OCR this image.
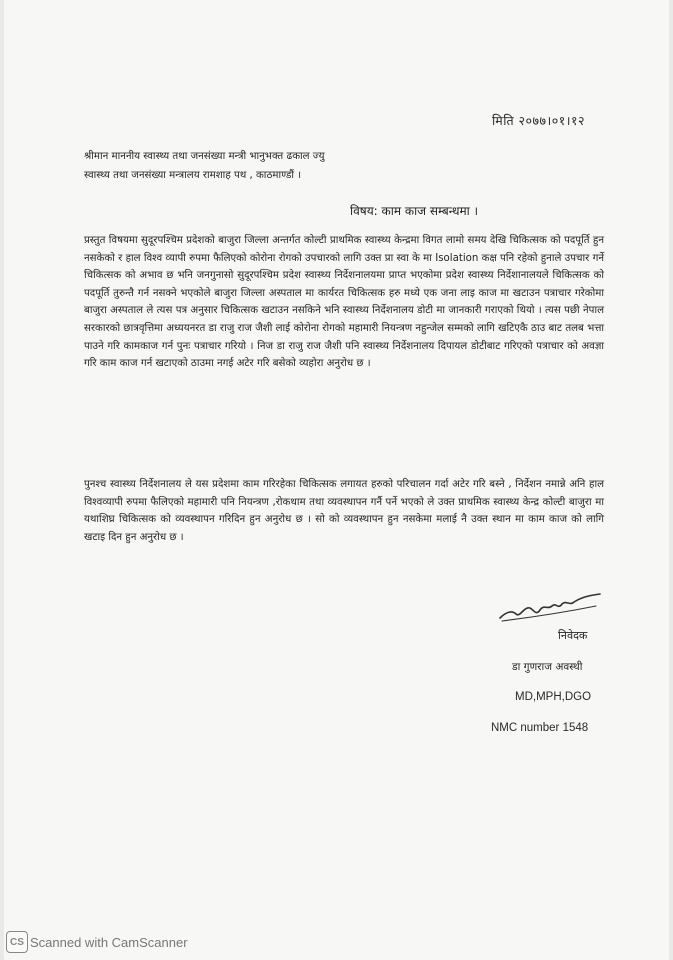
मिति २०७७।०१।१२
श्रीमान माननीय स्वास्थ्य तथा जनसंख्या मन्त्री भानुभक्त ढकाल ज्यु
स्वास्थ्य तथा जनसंख्या मन्त्रालय रामशाह पथ , काठमाण्डौं ।
विषय: काम काज सम्बन्धमा ।
प्रस्तुत विषयमा सुदूरपश्चिम प्रदेशको बाजुरा जिल्ला अन्तर्गत कोल्टी प्राथमिक स्वास्थ्य केन्द्रमा विगत लामो समय देखि चिकित्सक को पदपूर्ति हुन नसकेको र हाल विश्व व्यापी रुपमा फैलिएको कोरोना रोगको उपचारको लागि उक्त प्रा स्वा के मा Isolation कक्ष पनि रहेको हुनाले उपचार गर्ने चिकित्सक को अभाव छ भनि जनगुनासो सुदूरपश्चिम प्रदेश स्वास्थ्य निर्देशनालयमा प्राप्त भएकोमा प्रदेश स्वास्थ्य निर्देशानालयले चिकित्सक को पदपूर्ति तुरुन्तै गर्न नसक्ने भएकोले बाजुरा जिल्ला अस्पताल मा कार्यरत चिकित्सक हरु मध्ये एक जना लाइ काज मा खटाउन पत्राचार गरेकोमा बाजुरा अस्पताल ले त्यस पत्र अनुसार चिकित्सक खटाउन नसकिने भनि स्वास्थ्य निर्देशनालय डोटी मा जानकारी गराएको थियो । त्यस पछी नेपाल सरकारको छात्रवृत्तिमा अध्ययनरत डा राजु राज जैशी लाई कोरोना रोगको महामारी नियन्त्रण नहुन्जेल सम्मको लागि खटिएकै ठाउ बाट तलब भत्ता पाउने गरि कामकाज गर्न पुनः पत्राचार गरियो । निज डा राजु राज जैशी पनि स्वास्थ्य निर्देशनालय दिपायल डोटीबाट गरिएको पत्राचार को अवज्ञा गरि काम काज गर्न खटाएको ठाउमा नगई अटेर गरि बसेको व्यहोरा अनुरोध छ ।
पुनश्च स्वास्थ्य निर्देशनालय ले यस प्रदेशमा काम गरिरहेका चिकित्सक लगायत हरुको परिचालन गर्दा अटेर गरि बस्ने , निर्देशन नमान्ने अनि हाल विश्वव्यापी रुपमा फैलिएको महामारी पनि नियन्त्रण ,रोकथाम तथा व्यवस्थापन गर्नै पर्ने भएको ले उक्त प्राथमिक स्वास्थ्य केन्द्र कोल्टी बाजुरा मा यथाशिघ्र चिकित्सक को व्यवस्थापन गरिदिन हुन अनुरोध छ । सो को व्यवस्थापन हुन नसकेमा मलाई नै उक्त स्थान मा काम काज को लागि खटाइ दिन हुन अनुरोध छ ।
निवेदक
डा गुणराज अवस्थी
MD,MPH,DGO
NMC number 1548
CS Scanned with CamScanner
